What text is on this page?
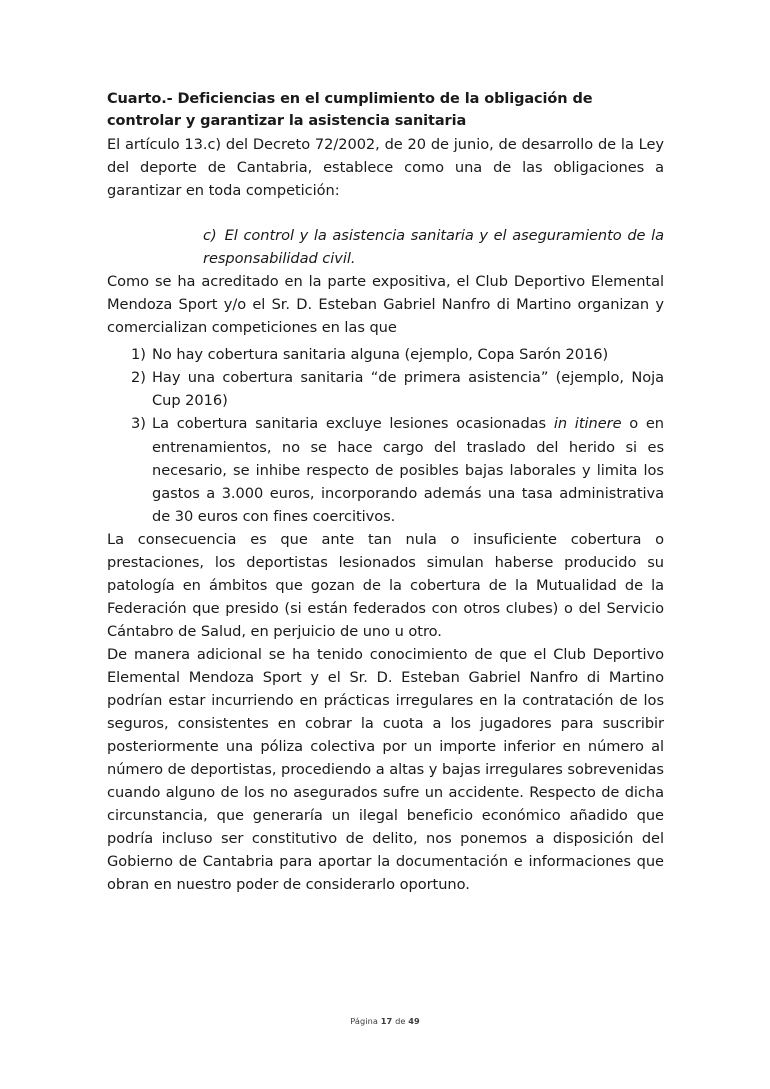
Cuarto.- Deficiencias en el cumplimiento de la obligación de controlar y garantizar la asistencia sanitaria

El artículo 13.c) del Decreto 72/2002, de 20 de junio, de desarrollo de la Ley del deporte de Cantabria, establece como una de las obligaciones a garantizar en toda competición:

c) El control y la asistencia sanitaria y el aseguramiento de la responsabilidad civil.

Como se ha acreditado en la parte expositiva, el Club Deportivo Elemental Mendoza Sport y/o el Sr. D. Esteban Gabriel Nanfro di Martino organizan y comercializan competiciones en las que

No hay cobertura sanitaria alguna (ejemplo, Copa Sarón 2016)
Hay una cobertura sanitaria “de primera asistencia” (ejemplo, Noja Cup 2016)
La cobertura sanitaria excluye lesiones ocasionadas in itinere o en entrenamientos, no se hace cargo del traslado del herido si es necesario, se inhibe respecto de posibles bajas laborales y limita los gastos a 3.000 euros, incorporando además una tasa administrativa de 30 euros con fines coercitivos.

La consecuencia es que ante tan nula o insuficiente cobertura o prestaciones, los deportistas lesionados simulan haberse producido su patología en ámbitos que gozan de la cobertura de la Mutualidad de la Federación que presido (si están federados con otros clubes) o del Servicio Cántabro de Salud, en perjuicio de uno u otro.

De manera adicional se ha tenido conocimiento de que el Club Deportivo Elemental Mendoza Sport y el Sr. D. Esteban Gabriel Nanfro di Martino podrían estar incurriendo en prácticas irregulares en la contratación de los seguros, consistentes en cobrar la cuota a los jugadores para suscribir posteriormente una póliza colectiva por un importe inferior en número al número de deportistas, procediendo a altas y bajas irregulares sobrevenidas cuando alguno de los no asegurados sufre un accidente. Respecto de dicha circunstancia, que generaría un ilegal beneficio económico añadido que podría incluso ser constitutivo de delito, nos ponemos a disposición del Gobierno de Cantabria para aportar la documentación e informaciones que obran en nuestro poder de considerarlo oportuno.

Página 17 de 49
